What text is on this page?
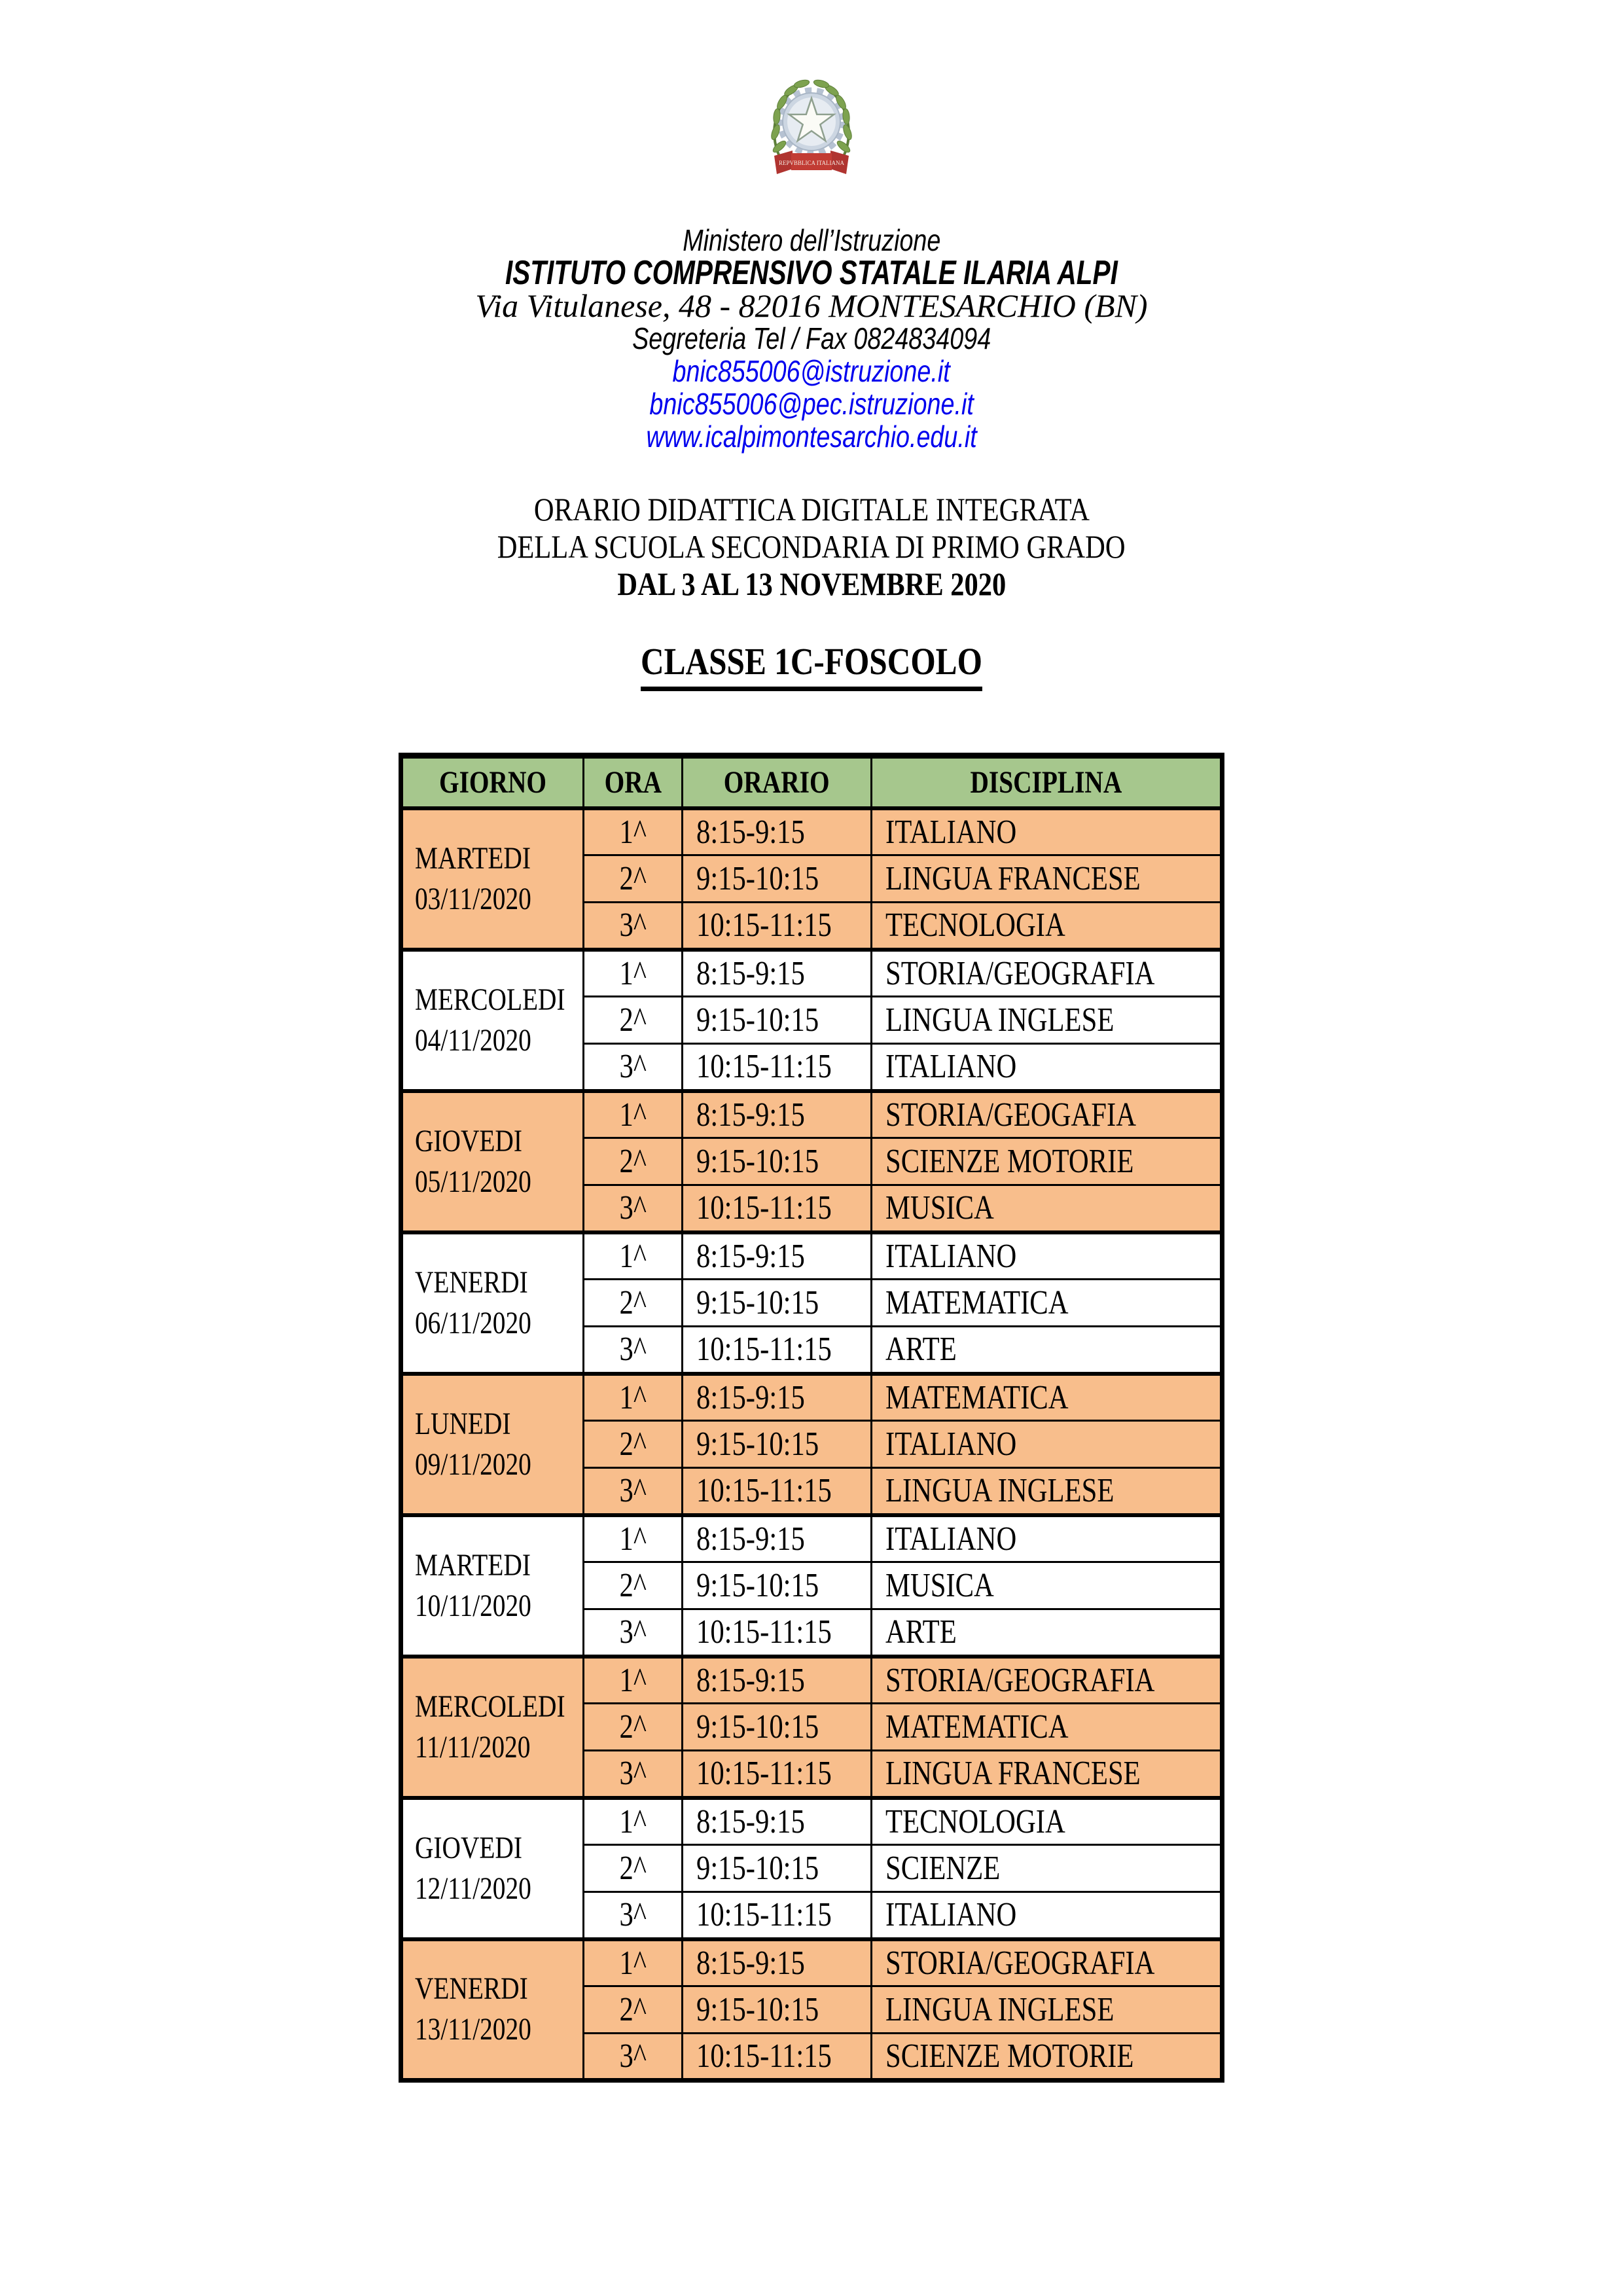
REPVBBLICA ITALIANA
Ministero dell’Istruzione
ISTITUTO COMPRENSIVO STATALE ILARIA ALPI
Via Vitulanese, 48 - 82016 MONTESARCHIO (BN)
Segreteria Tel / Fax 0824834094
bnic855006@istruzione.it
bnic855006@pec.istruzione.it
www.icalpimontesarchio.edu.it
ORARIO DIDATTICA DIGITALE INTEGRATA
DELLA SCUOLA SECONDARIA DI PRIMO GRADO
DAL 3 AL 13 NOVEMBRE 2020
CLASSE 1C-FOSCOLO
GIORNO	ORA	ORARIO	DISCIPLINA

MARTEDI
03/11/2020	1^	8:15-9:15	ITALIANO
	2^	9:15-10:15	LINGUA FRANCESE
	3^	10:15-11:15	TECNOLOGIA

MERCOLEDI
04/11/2020	1^	8:15-9:15	STORIA/GEOGRAFIA
	2^	9:15-10:15	LINGUA INGLESE
	3^	10:15-11:15	ITALIANO

GIOVEDI
05/11/2020	1^	8:15-9:15	STORIA/GEOGAFIA
	2^	9:15-10:15	SCIENZE MOTORIE
	3^	10:15-11:15	MUSICA

VENERDI
06/11/2020	1^	8:15-9:15	ITALIANO
	2^	9:15-10:15	MATEMATICA
	3^	10:15-11:15	ARTE

LUNEDI
09/11/2020	1^	8:15-9:15	MATEMATICA
	2^	9:15-10:15	ITALIANO
	3^	10:15-11:15	LINGUA INGLESE

MARTEDI
10/11/2020	1^	8:15-9:15	ITALIANO
	2^	9:15-10:15	MUSICA
	3^	10:15-11:15	ARTE

MERCOLEDI
11/11/2020	1^	8:15-9:15	STORIA/GEOGRAFIA
	2^	9:15-10:15	MATEMATICA
	3^	10:15-11:15	LINGUA FRANCESE

GIOVEDI
12/11/2020	1^	8:15-9:15	TECNOLOGIA
	2^	9:15-10:15	SCIENZE
	3^	10:15-11:15	ITALIANO

VENERDI
13/11/2020	1^	8:15-9:15	STORIA/GEOGRAFIA
	2^	9:15-10:15	LINGUA INGLESE
	3^	10:15-11:15	SCIENZE MOTORIE
